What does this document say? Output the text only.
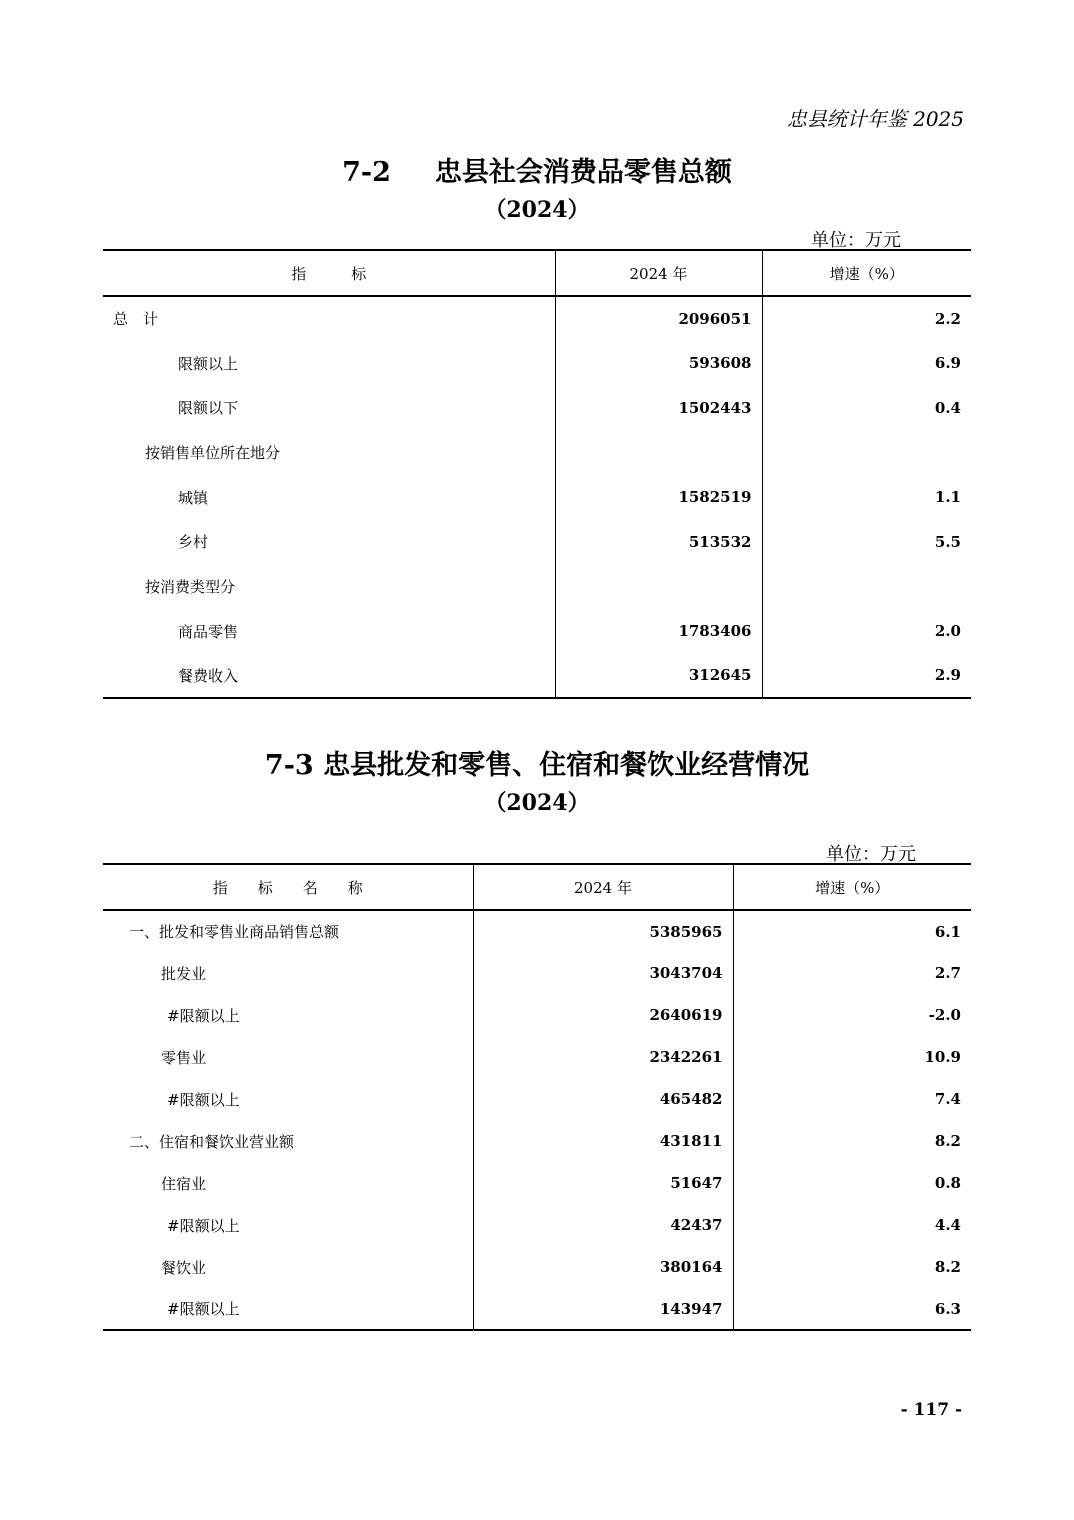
忠县统计年鉴 2025
7-2 忠县社会消费品零售总额
（2024）
单位：万元
指　　　标	2024 年	增速（%）
总　计	2096051	2.2
限额以上	593608	6.9
限额以下	1502443	0.4
按销售单位所在地分		
城镇	1582519	1.1
乡村	513532	5.5
按消费类型分		
商品零售	1783406	2.0
餐费收入	312645	2.9
7-3 忠县批发和零售、住宿和餐饮业经营情况
（2024）
单位：万元
指　　标　　名　　称	2024 年	增速（%）
一、批发和零售业商品销售总额	5385965	6.1
批发业	3043704	2.7
#限额以上	2640619	-2.0
零售业	2342261	10.9
#限额以上	465482	7.4
二、住宿和餐饮业营业额	431811	8.2
住宿业	51647	0.8
#限额以上	42437	4.4
餐饮业	380164	8.2
#限额以上	143947	6.3
- 117 -
